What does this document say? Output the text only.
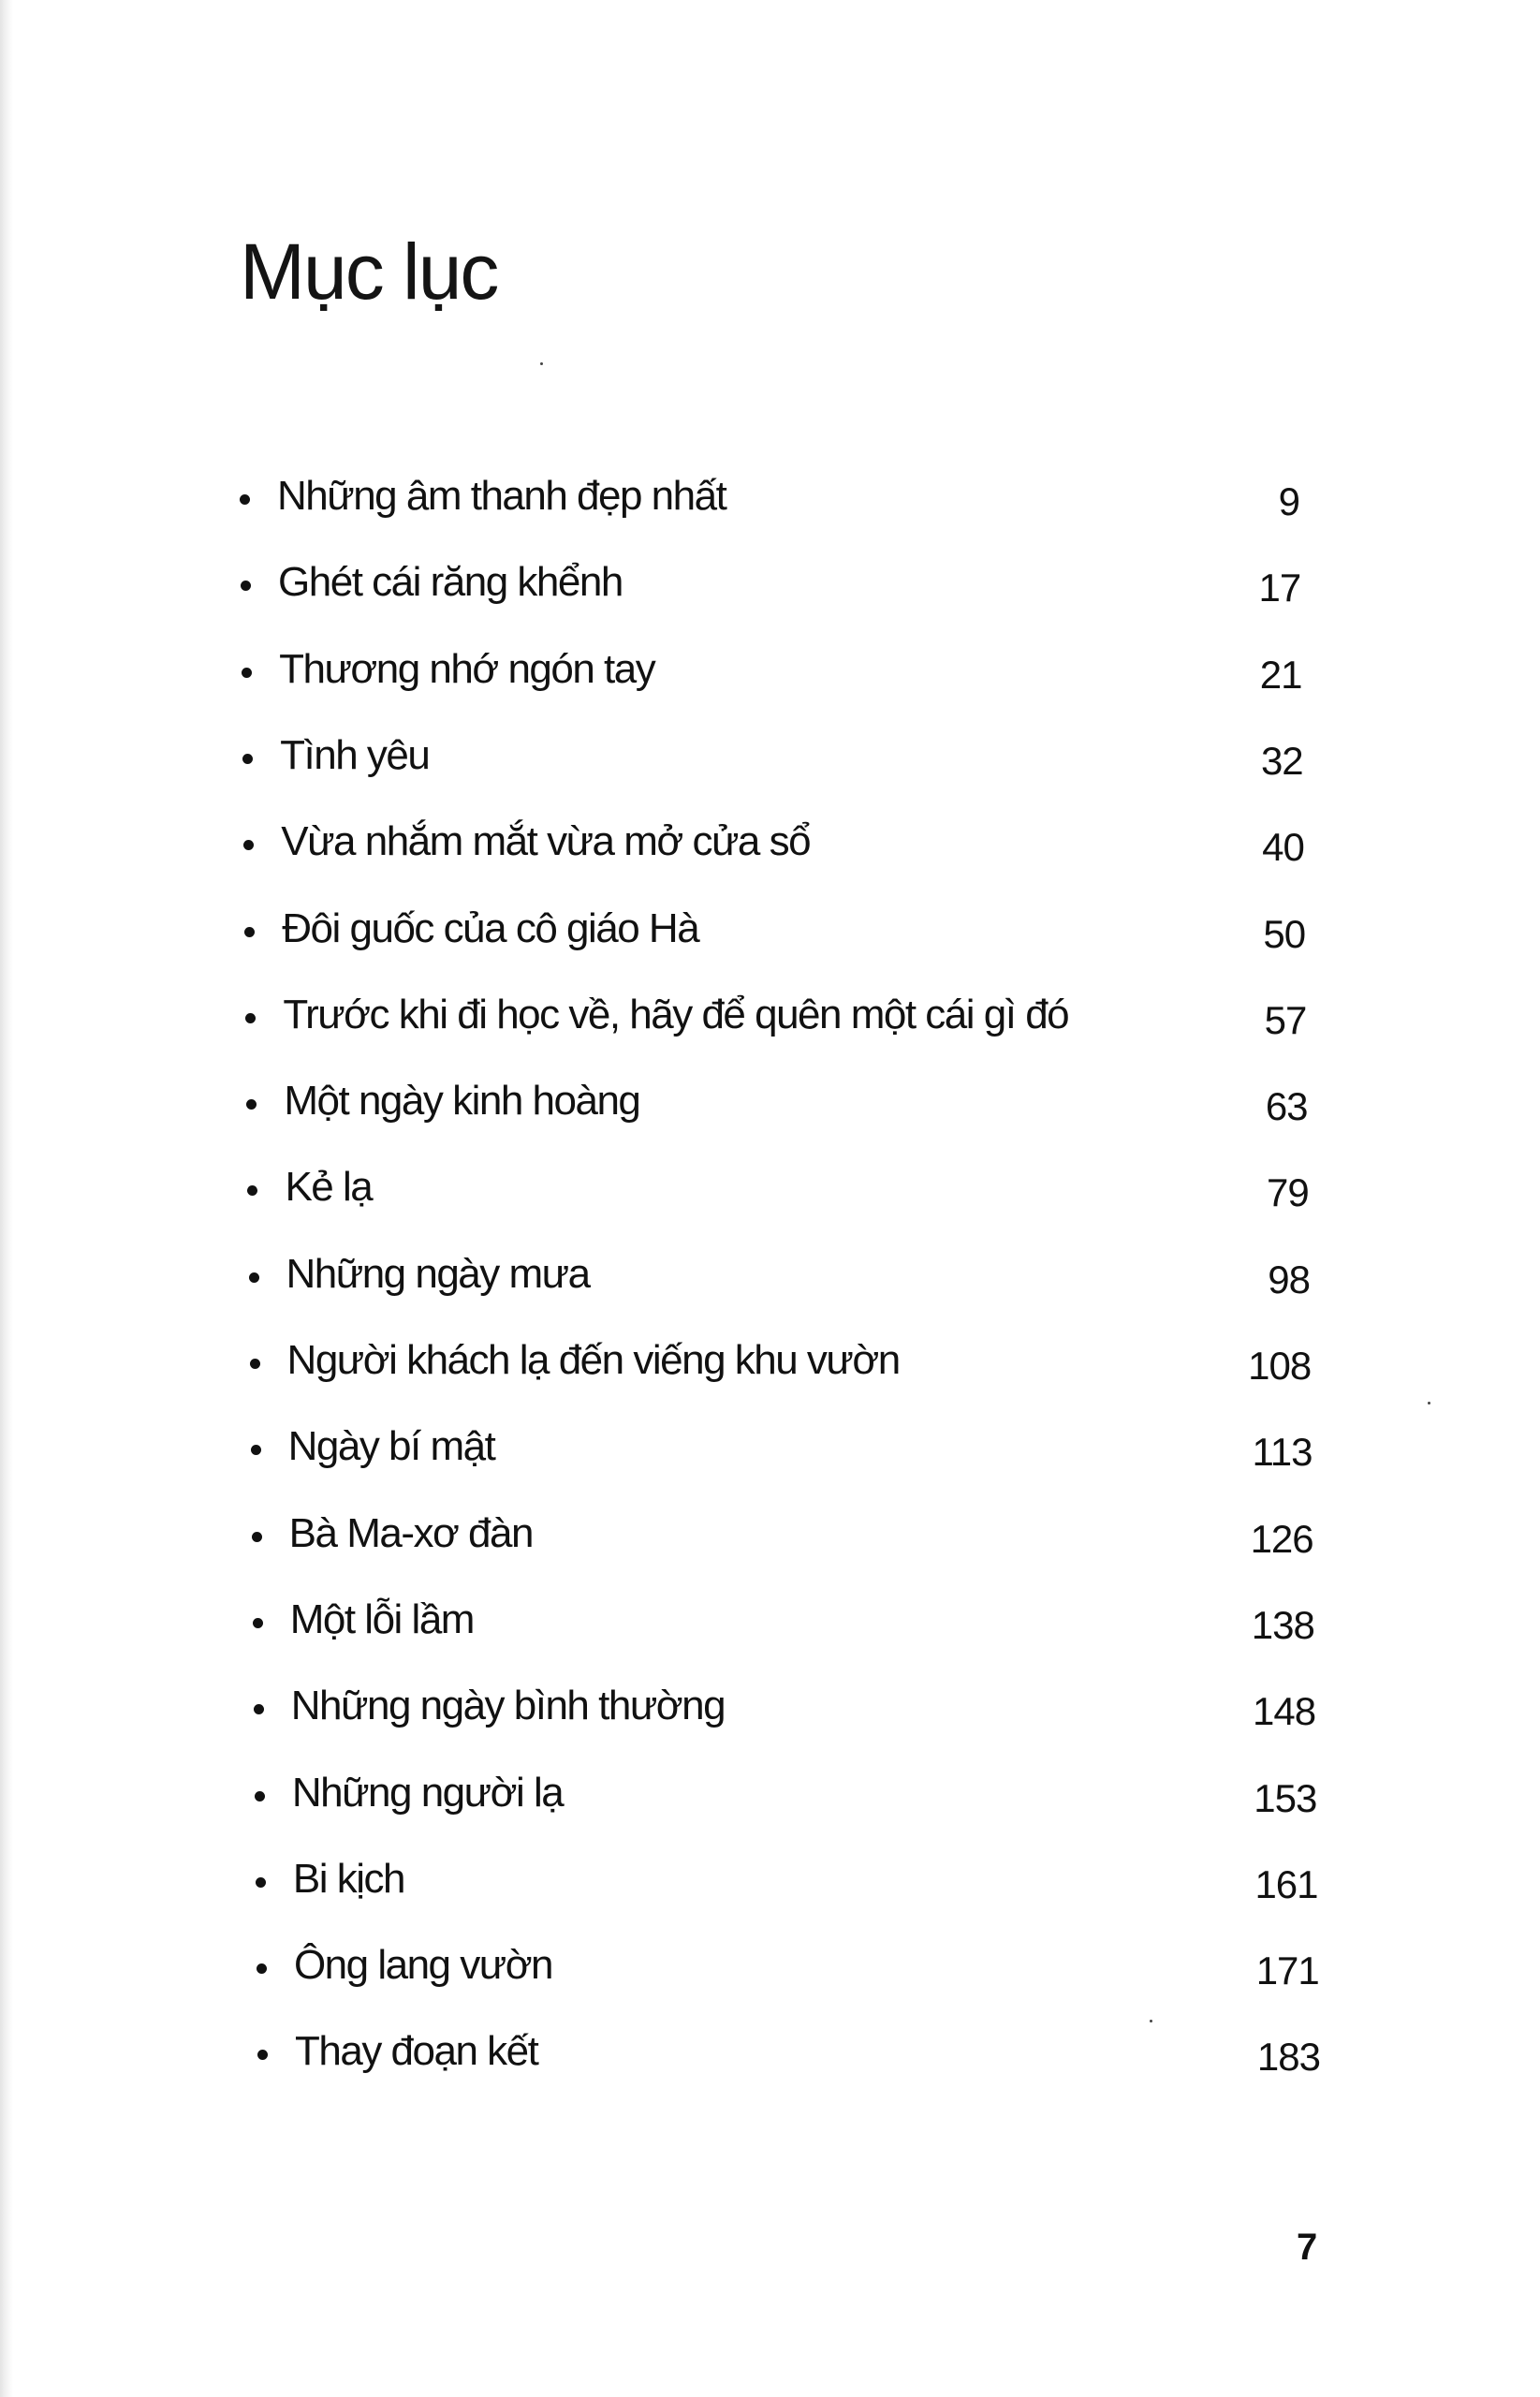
Mục lục
Những âm thanh đẹp nhất	9
Ghét cái răng khểnh	17
Thương nhớ ngón tay	21
Tình yêu	32
Vừa nhắm mắt vừa mở cửa sổ	40
Đôi guốc của cô giáo Hà	50
Trước khi đi học về, hãy để quên một cái gì đó	57
Một ngày kinh hoàng	63
Kẻ lạ	79
Những ngày mưa	98
Người khách lạ đến viếng khu vườn	108
Ngày bí mật	113
Bà Ma-xơ đàn	126
Một lỗi lầm	138
Những ngày bình thường	148
Những người lạ	153
Bi kịch	161
Ông lang vườn	171
Thay đoạn kết	183
7
